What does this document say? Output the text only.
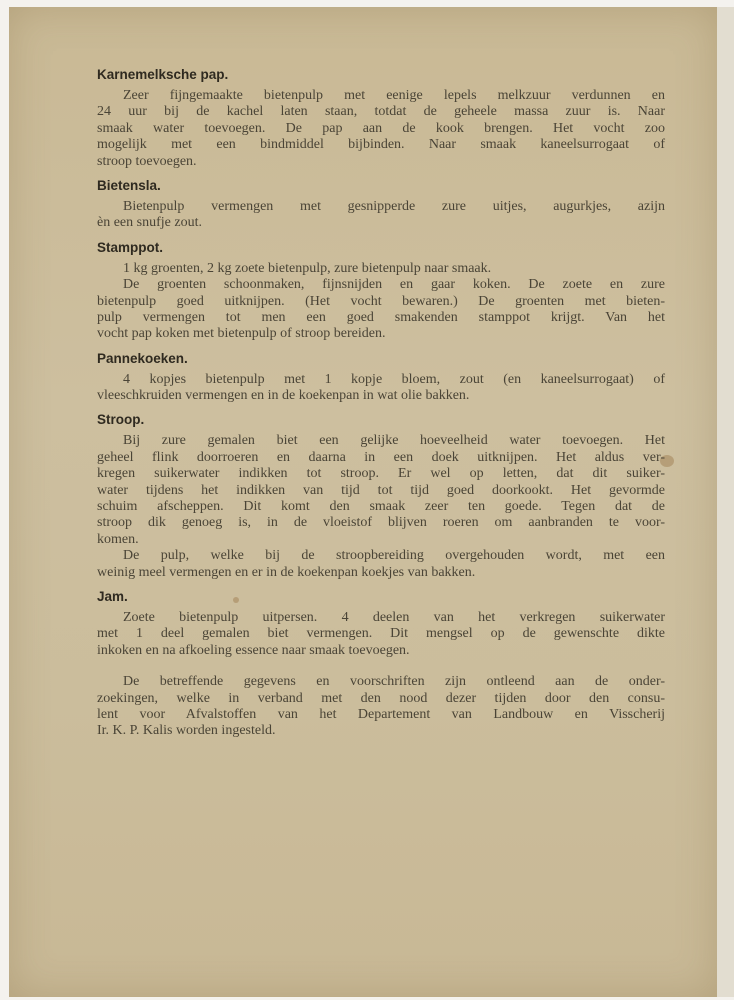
Karnemelksche pap.
Zeer fijngemaakte bietenpulp met eenige lepels melkzuur verdunnen en
24 uur bij de kachel laten staan, totdat de geheele massa zuur is. Naar
smaak water toevoegen. De pap aan de kook brengen. Het vocht zoo
mogelijk met een bindmiddel bijbinden. Naar smaak kaneelsurrogaat of
stroop toevoegen.
Bietensla.
Bietenpulp vermengen met gesnipperde zure uitjes, augurkjes, azijn
èn een snufje zout.
Stamppot.
1 kg groenten, 2 kg zoete bietenpulp, zure bietenpulp naar smaak.
De groenten schoonmaken, fijnsnijden en gaar koken. De zoete en zure
bietenpulp goed uitknijpen. (Het vocht bewaren.) De groenten met bieten-
pulp vermengen tot men een goed smakenden stamppot krijgt. Van het
vocht pap koken met bietenpulp of stroop bereiden.
Pannekoeken.
4 kopjes bietenpulp met 1 kopje bloem, zout (en kaneelsurrogaat) of
vleeschkruiden vermengen en in de koekenpan in wat olie bakken.
Stroop.
Bij zure gemalen biet een gelijke hoeveelheid water toevoegen. Het
geheel flink doorroeren en daarna in een doek uitknijpen. Het aldus ver-
kregen suikerwater indikken tot stroop. Er wel op letten, dat dit suiker-
water tijdens het indikken van tijd tot tijd goed doorkookt. Het gevormde
schuim afscheppen. Dit komt den smaak zeer ten goede. Tegen dat de
stroop dik genoeg is, in de vloeistof blijven roeren om aanbranden te voor-
komen.
De pulp, welke bij de stroopbereiding overgehouden wordt, met een
weinig meel vermengen en er in de koekenpan koekjes van bakken.
Jam.
Zoete bietenpulp uitpersen. 4 deelen van het verkregen suikerwater
met 1 deel gemalen biet vermengen. Dit mengsel op de gewenschte dikte
inkoken en na afkoeling essence naar smaak toevoegen.
De betreffende gegevens en voorschriften zijn ontleend aan de onder-
zoekingen, welke in verband met den nood dezer tijden door den consu-
lent voor Afvalstoffen van het Departement van Landbouw en Visscherij
Ir. K. P. Kalis worden ingesteld.
